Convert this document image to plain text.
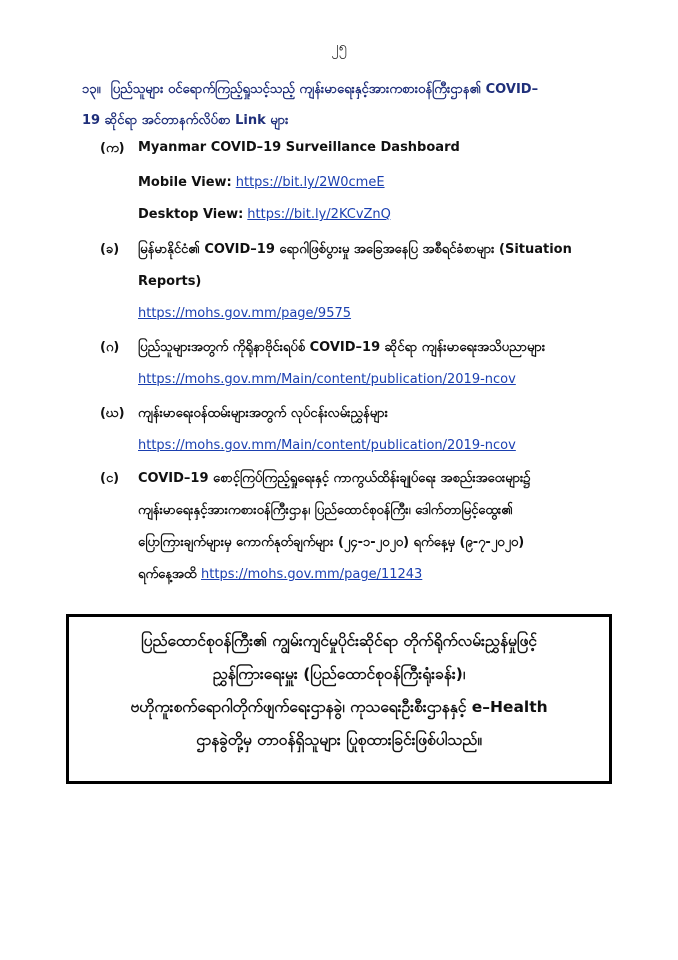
၂၅
၁၃။ ပြည်သူများ ဝင်ရောက်ကြည့်ရှုသင့်သည့် ကျန်းမာရေးနှင့်အားကစားဝန်ကြီးဌာန၏ COVID–
19 ဆိုင်ရာ အင်တာနက်လိပ်စာ Link များ
(က)	Myanmar COVID–19 Surveillance Dashboard
Mobile View: https://bit.ly/2W0cmeE
Desktop View: https://bit.ly/2KCvZnQ
(ခ)	မြန်မာနိုင်ငံ၏ COVID–19 ရောဂါဖြစ်ပွားမှု အခြေအနေပြ အစီရင်ခံစာများ (Situation
Reports)
https://mohs.gov.mm/page/9575
(ဂ)	ပြည်သူများအတွက် ကိုရိုနာဗိုင်းရပ်စ် COVID–19 ဆိုင်ရာ ကျန်းမာရေးအသိပညာများ
https://mohs.gov.mm/Main/content/publication/2019-ncov
(ဃ)	ကျန်းမာရေးဝန်ထမ်းများအတွက် လုပ်ငန်းလမ်းညွှန်များ
https://mohs.gov.mm/Main/content/publication/2019-ncov
(င)	COVID–19 စောင့်ကြပ်ကြည့်ရှုရေးနှင့် ကာကွယ်ထိန်းချုပ်ရေး အစည်းအဝေးများ၌
ကျန်းမာရေးနှင့်အားကစားဝန်ကြီးဌာန၊ ပြည်ထောင်စုဝန်ကြီး၊ ဒေါက်တာမြင့်ထွေး၏
ပြောကြားချက်များမှ ကောက်နုတ်ချက်များ (၂၄-၁-၂၀၂၀) ရက်နေ့မှ (၉-၇-၂၀၂၀)
ရက်နေ့အထိ https://mohs.gov.mm/page/11243
ပြည်ထောင်စုဝန်ကြီး၏ ကျွမ်းကျင်မှုပိုင်းဆိုင်ရာ တိုက်ရိုက်လမ်းညွှန်မှုဖြင့်
ညွှန်ကြားရေးမှူး (ပြည်ထောင်စုဝန်ကြီးရုံးခန်း)၊
ဗဟိုကူးစက်ရောဂါတိုက်ဖျက်ရေးဌာနခွဲ၊ ကုသရေးဦးစီးဌာနနှင့် e–Health
ဌာနခွဲတို့မှ တာဝန်ရှိသူများ ပြုစုထားခြင်းဖြစ်ပါသည်။
